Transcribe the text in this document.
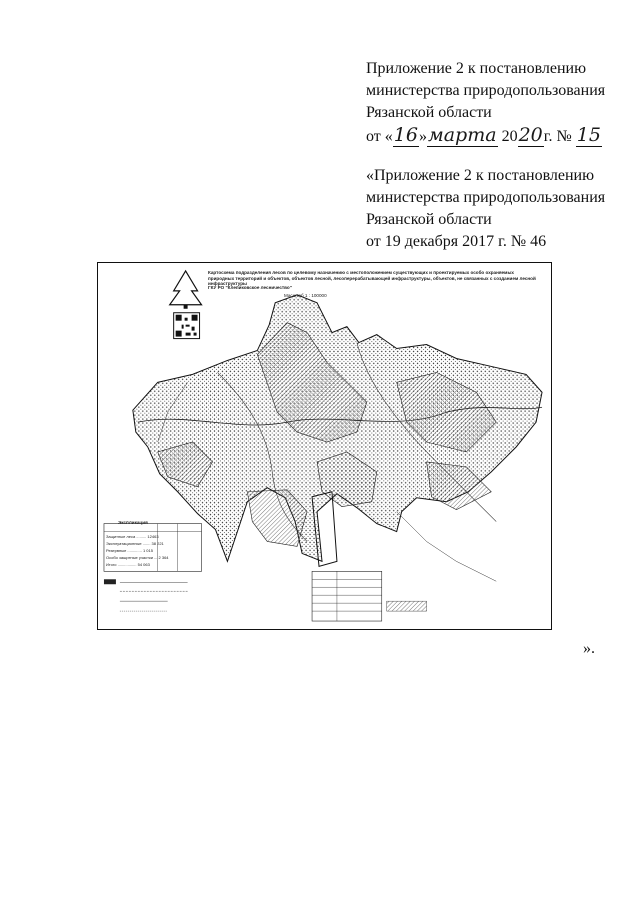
Приложение 2 к постановлению
министерства природопользования
Рязанской области
от «16»марта 2020г. № 15
«Приложение 2 к постановлению
министерства природопользования
Рязанской области
от 19 декабря 2017 г. № 46
Картосхема подразделения лесов по целевому назначению с местоположением существующих и проектируемых особо охраняемых природных территорий и объектов, объектов лесной, лесоперерабатывающей инфраструктуры, объектов, не связанных с созданием лесной инфраструктуры
ГКУ РО "Клепиковское лесничество"
Масштаб 1 : 100000
Экспликация
Защитные леса ......... 12463
Эксплуатационные ....... 38 221
Резервные ............. 1 015
Особо защитные участки ... 2 364
Итого ................. 54 063
».
